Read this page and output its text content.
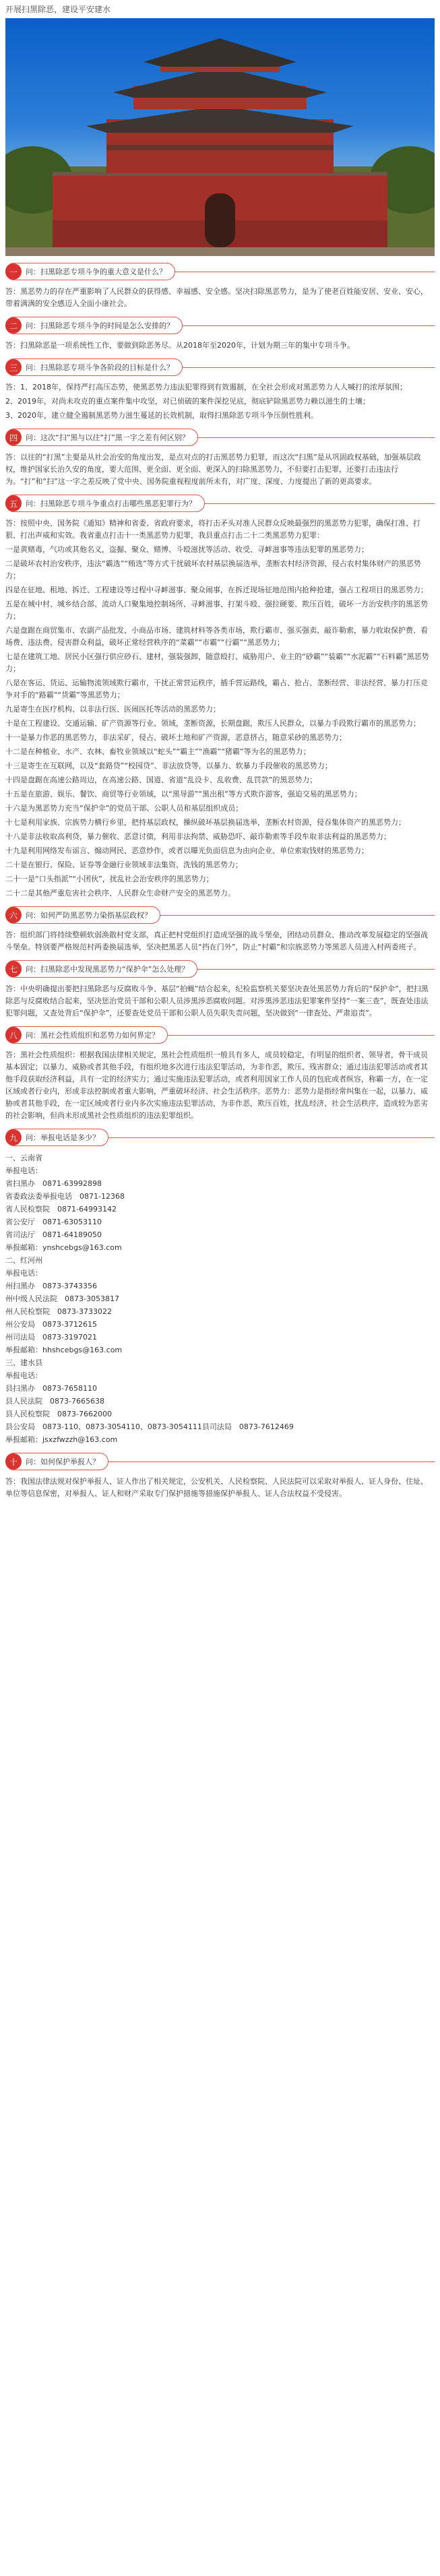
开展扫黑除恶，建设平安建水
一	问：扫黑除恶专项斗争的重大意义是什么？

答：黑恶势力的存在严重影响了人民群众的获得感、幸福感、安全感。坚决扫除黑恶势力，是为了使老百姓能安居、安业、安心，带着满满的安全感迈入全面小康社会。

二	问：扫黑除恶专项斗争的时间是怎么安排的？

答：扫黑除恶是一项系统性工作，要做到除恶务尽。从2018年至2020年，计划为期三年的集中专项斗争。

三	问：扫黑除恶专项斗争各阶段的目标是什么？

答：1、2018年，保持严打高压态势，使黑恶势力违法犯罪得到有效遏制，在全社会形成对黑恶势力人人喊打的浓厚氛围；

2、2019年，对尚未攻克的重点案件集中攻坚，对已侦破的案件深挖见底，彻底铲除黑恶势力赖以滋生的土壤；

3、2020年，建立健全遏制黑恶势力滋生蔓延的长效机制，取得扫黑除恶专项斗争压倒性胜利。

四	问：这次“扫”黑与以往“打”黑一字之差有何区别？

答：以往的“打黑”主要是从社会治安的角度出发，是点对点的打击黑恶势力犯罪，而这次“扫黑”是从巩固政权基础，加强基层政权，维护国家长治久安的角度，要大范围、更全面、更全面、更深入的扫除黑恶势力，不但要打击犯罪，还要打击违法行为。“打”和“扫”这一字之差反映了党中央、国务院重视程度前所未有，对广度、深度、力度提出了新的更高要求。

五	问：扫黑除恶专项斗争重点打击哪些黑恶犯罪行为？

答：按照中央、国务院《通知》精神和省委、省政府要求，将打击矛头对准人民群众反映最强烈的黑恶势力犯罪，确保打准、打狠、打出声威和实效。我省重点打击十一类黑恶势力犯罪，我县重点打击二十二类黑恶势力犯罪：

一是黄赌毒，气功或其他名义，盗掘、聚众、赌博、斗殴滋扰等活动、收受、寻衅滋事等违法犯罪的黑恶势力；

二是破坏农村治安秩序，违法“霸选”“贿选”等方式干扰破坏农村基层换届选举，垄断农村经济资源，侵占农村集体财产的黑恶势力；

四是在征地、租地、拆迁、工程建设等过程中寻衅滋事、聚众闹事，在拆迁现场征地范围内抢种抢建，强占工程项目的黑恶势力；

五是在城中村、城乡结合部、流动人口聚集地控制场所、寻衅滋事、打架斗殴、强拉硬要、欺压百姓，破坏一方治安秩序的黑恶势力；

六是盘踞在商贸集市、农副产品批发、小商品市场、建筑材料等各类市场，欺行霸市、强买强卖、敲诈勒索，暴力收取保护费、看场费、违法费、侵害群众利益，破坏正常经营秩序的“菜霸”“市霸”“行霸”“黑恶势力；

七是在建筑工地、居民小区强行供应砂石、建材，强装强卸，随意殴打、威胁用户、业主的“砂霸”“装霸”“水泥霸”“石料霸”黑恶势力；

八是在客运、货运、运输物流领域欺行霸市，干扰正常营运秩序，插手营运路线，霸占、抢占、垄断经营、非法经营、暴力打压竞争对手的“路霸”“货霸”等黑恶势力；

九是寄生在医疗机构、以非法行医、医闹医托等活动的黑恶势力；

十是在工程建设、交通运输、矿产资源等行业、领域，垄断资源，长期盘踞，欺压人民群众，以暴力手段欺行霸市的黑恶势力；

十一是暴力作恶的黑恶势力，非法采矿，侵占、破坏土地和矿产资源，恶意挤占，随意采砂的黑恶势力；

十二是在种植业、水产、农林、畜牧业领域以“蛇头”“霸主”“渔霸”“猪霸”等为名的黑恶势力；

十三是寄生在互联网，以及“套路贷”“校园贷”、非法放贷等，以暴力、软暴力手段催收的黑恶势力；

十四是盘踞在高速公路周边，在高速公路、国道、省道“乱设卡、乱收费、乱罚款”的黑恶势力；

十五是在旅游、娱乐、餐饮、商贸等行业领域，以“黑导游”“黑出租”等方式欺诈游客，强迫交易的黑恶势力；

十六是为黑恶势力充当“保护伞”的党员干部、公职人员和基层组织成员；

十七是利用家族、宗族势力横行乡里，把持基层政权，操纵破坏基层换届选举，垄断农村资源，侵吞集体资产的黑恶势力；

十八是非法收取高利贷，暴力催收、恶意讨债，利用非法拘禁、威胁恐吓、敲诈勒索等手段牟取非法利益的黑恶势力；

十九是利用网络发布谣言、煽动网民、恶意炒作，或者以曝光负面信息为由向企业、单位索取钱财的黑恶势力；

二十是在银行、保险、证券等金融行业领域非法集资、洗钱的黑恶势力；

二十一是“口头指派”“小团伙”，扰乱社会治安秩序的黑恶势力；

二十二是其他严重危害社会秩序、人民群众生命财产安全的黑恶势力。

六	问：如何严防黑恶势力染指基层政权？

答：组织部门将持续整顿软弱涣散村党支部，真正把村党组织打造成坚强的战斗堡垒，团结动员群众、推动改革发展稳定的坚强战斗堡垒。特别要严格规范村两委换届选举，坚决把黑恶人员“挡在门外”，防止“村霸”和宗族恶势力等黑恶人员进入村两委班子。

七	问：扫黑除恶中发现黑恶势力“保护伞”怎么处理？

答：中央明确提出要把扫黑除恶与反腐败斗争、基层“拍蝇”结合起来，纪检监察机关要坚决查处黑恶势力背后的“保护伞”，把扫黑除恶与反腐败结合起来，坚决惩治党员干部和公职人员涉黑涉恶腐败问题。对涉黑涉恶违法犯罪案件坚持“一案三查”，既查处违法犯罪问题，又查处背后“保护伞”，还要查处党员干部和公职人员失职失责问题，坚决做到“一律查处、严肃追责”。

八	问：黑社会性质组织和恶势力如何界定？

答：黑社会性质组织：根据我国法律相关规定，黑社会性质组织一般具有多人，成员较稳定，有明显的组织者、领导者，骨干成员基本固定；以暴力、威胁或者其他手段，有组织地多次进行违法犯罪活动，为非作恶，欺压、残害群众；通过违法犯罪活动或者其他手段获取经济利益，具有一定的经济实力；通过实施违法犯罪活动，或者利用国家工作人员的包庇或者纵容，称霸一方，在一定区域或者行业内，形成非法控制或者重大影响，严重破坏经济、社会生活秩序。恶势力：恶势力是指经常纠集在一起，以暴力、威胁或者其他手段，在一定区域或者行业内多次实施违法犯罪活动，为非作恶，欺压百姓，扰乱经济、社会生活秩序，造成较为恶劣的社会影响，但尚未形成黑社会性质组织的违法犯罪组织。

九	问：举报电话是多少？
一、云南省
举报电话：
省扫黑办　0871-63992898
省委政法委举报电话　0871-12368
省人民检察院　0871-64993142
省公安厅　0871-63053110
省司法厅　0871-64189050
举报邮箱：ynshcebgs@163.com
二、红河州
举报电话：
州扫黑办　0873-3743356
州中级人民法院　0873-3053817
州人民检察院　0873-3733022
州公安局　0873-3712615
州司法局　0873-3197021
举报邮箱：hhshcebgs@163.com
三、建水县
举报电话：
县扫黑办　0873-7658110
县人民法院　0873-7665638
县人民检察院　0873-7662000
县公安局　0873-110、0873-3054110、0873-3054111县司法局　0873-7612469
举报邮箱：jsxzfwzzh@163.com
十	问：如何保护举报人？

答：我国法律法规对保护举报人、证人作出了相关规定，公安机关、人民检察院、人民法院可以采取对举报人、证人身份、住址、单位等信息保密，对举报人、证人和财产采取专门保护措施等措施保护举报人、证人合法权益不受侵害。
